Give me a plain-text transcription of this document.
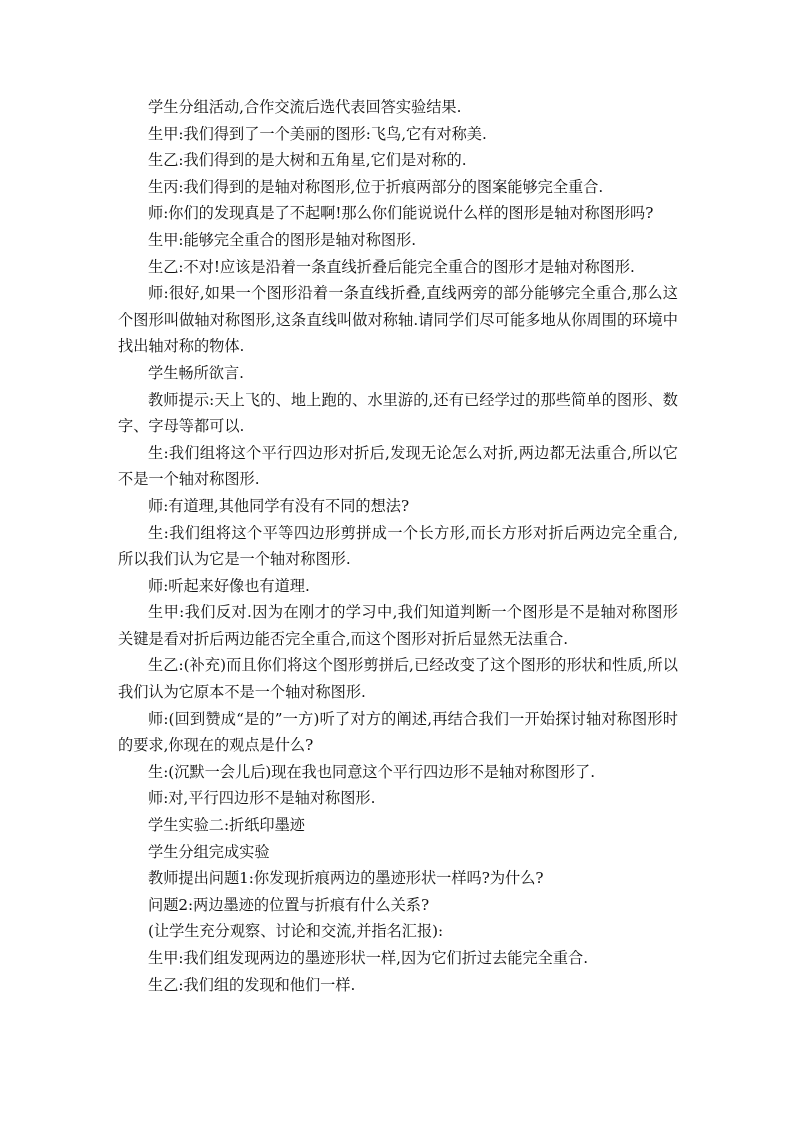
学生分组活动,合作交流后选代表回答实验结果.

生甲:我们得到了一个美丽的图形:飞鸟,它有对称美.

生乙:我们得到的是大树和五角星,它们是对称的.

生丙:我们得到的是轴对称图形,位于折痕两部分的图案能够完全重合.

师:你们的发现真是了不起啊!那么你们能说说什么样的图形是轴对称图形吗?

生甲:能够完全重合的图形是轴对称图形.

生乙:不对!应该是沿着一条直线折叠后能完全重合的图形才是轴对称图形.

师:很好,如果一个图形沿着一条直线折叠,直线两旁的部分能够完全重合,那么这个图形叫做轴对称图形,这条直线叫做对称轴.请同学们尽可能多地从你周围的环境中找出轴对称的物体.

学生畅所欲言.

教师提示:天上飞的、地上跑的、水里游的,还有已经学过的那些简单的图形、数字、字母等都可以.

生:我们组将这个平行四边形对折后,发现无论怎么对折,两边都无法重合,所以它不是一个轴对称图形.

师:有道理,其他同学有没有不同的想法?

生:我们组将这个平等四边形剪拼成一个长方形,而长方形对折后两边完全重合,所以我们认为它是一个轴对称图形.

师:听起来好像也有道理.

生甲:我们反对.因为在刚才的学习中,我们知道判断一个图形是不是轴对称图形关键是看对折后两边能否完全重合,而这个图形对折后显然无法重合.

生乙:(补充)而且你们将这个图形剪拼后,已经改变了这个图形的形状和性质,所以我们认为它原本不是一个轴对称图形.

师:(回到赞成“是的”一方)听了对方的阐述,再结合我们一开始探讨轴对称图形时的要求,你现在的观点是什么?

生:(沉默一会儿后)现在我也同意这个平行四边形不是轴对称图形了.

师:对,平行四边形不是轴对称图形.

学生实验二:折纸印墨迹

学生分组完成实验

教师提出问题1:你发现折痕两边的墨迹形状一样吗?为什么?

问题2:两边墨迹的位置与折痕有什么关系?

(让学生充分观察、讨论和交流,并指名汇报):

生甲:我们组发现两边的墨迹形状一样,因为它们折过去能完全重合.

生乙:我们组的发现和他们一样.
